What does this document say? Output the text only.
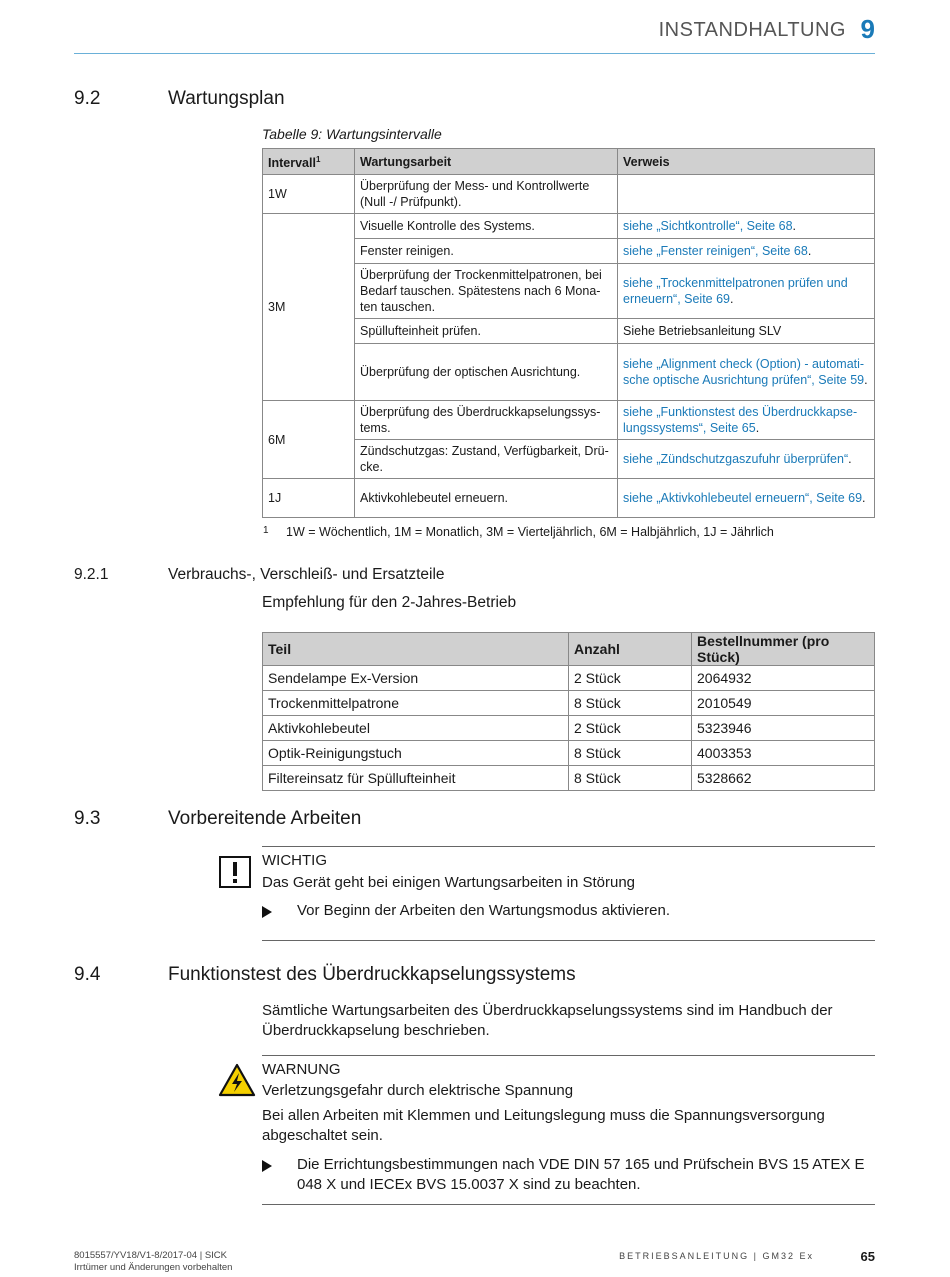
INSTANDHALTUNG 9
9.2	Wartungsplan
Tabelle 9: Wartungsintervalle
Intervall$^1$	Wartungsarbeit	Verweis
1W	Überprüfung der Mess- und Kontrollwerte (Null -/ Prüfpunkt).	
3M	Visuelle Kontrolle des Systems.	siehe „Sichtkontrolle“, Seite 68.
	Fenster reinigen.	siehe „Fenster reinigen“, Seite 68.
	Überprüfung der Trockenmittelpatronen, bei Bedarf tauschen. Spätestens nach 6 Mona-ten tauschen.	siehe „Trockenmittelpatronen prüfen und erneuern“, Seite 69.
	Spüllufteinheit prüfen.	Siehe Betriebsanleitung SLV
	Überprüfung der optischen Ausrichtung.	siehe „Alignment check (Option) - automati-sche optische Ausrichtung prüfen“, Seite 59.
6M	Überprüfung des Überdruckkapselungssys-tems.	siehe „Funktionstest des Überdruckkapse-lungssystems“, Seite 65.
	Zündschutzgas: Zustand, Verfügbarkeit, Drü-cke.	siehe „Zündschutzgaszufuhr überprüfen“.
1J	Aktivkohlebeutel erneuern.	siehe „Aktivkohlebeutel erneuern“, Seite 69.
1 1W = Wöchentlich, 1M = Monatlich, 3M = Vierteljährlich, 6M = Halbjährlich, 1J = Jährlich
9.2.1	Verbrauchs-, Verschleiß- und Ersatzteile
Empfehlung für den 2-Jahres-Betrieb
Teil	Anzahl	Bestellnummer (pro Stück)
Sendelampe Ex-Version	2 Stück	2064932
Trockenmittelpatrone	8 Stück	2010549
Aktivkohlebeutel	2 Stück	5323946
Optik-Reinigungstuch	8 Stück	4003353
Filtereinsatz für Spüllufteinheit	8 Stück	5328662
9.3	Vorbereitende Arbeiten
WICHTIG
Das Gerät geht bei einigen Wartungsarbeiten in Störung
Vor Beginn der Arbeiten den Wartungsmodus aktivieren.
9.4	Funktionstest des Überdruckkapselungssystems
Sämtliche Wartungsarbeiten des Überdruckkapselungssystems sind im Handbuch der Überdruckkapselung beschrieben.
WARNUNG
Verletzungsgefahr durch elektrische Spannung
Bei allen Arbeiten mit Klemmen und Leitungslegung muss die Spannungsversorgung abgeschaltet sein.
Die Errichtungsbestimmungen nach VDE DIN 57 165 und Prüfschein BVS 15 ATEX E 048 X und IECEx BVS 15.0037 X sind zu beachten.
8015557/YV18/V1-8/2017-04 | SICK
Irrtümer und Änderungen vorbehalten
BETRIEBSANLEITUNG | GM32 Ex	65
